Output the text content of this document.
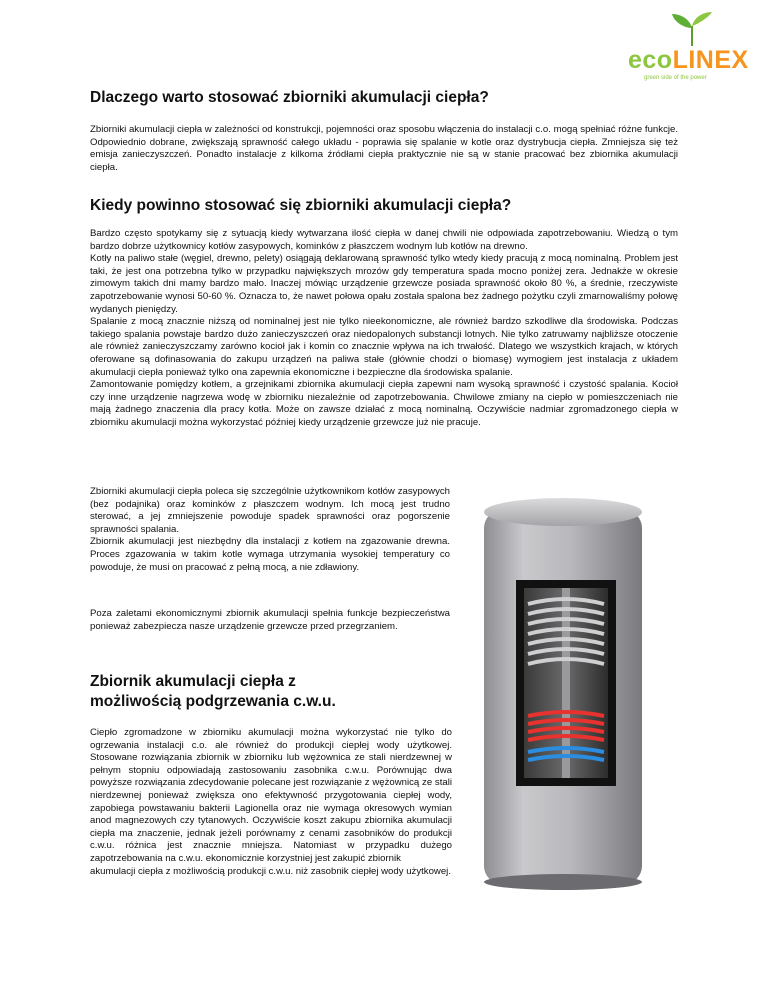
ecoLINEX
green side of the power
Dlaczego warto stosować zbiorniki akumulacji ciepła?

Zbiorniki akumulacji ciepła w zależności od konstrukcji, pojemności oraz sposobu włączenia do instalacji c.o. mogą spełniać różne funkcje. Odpowiednio dobrane, zwiększają sprawność całego układu - poprawia się spalanie w kotle oraz dystrybucja ciepła. Zmniejsza się też emisja zanieczyszczeń. Ponadto instalacje z kilkoma źródłami ciepła praktycznie nie są w stanie pracować bez zbiornika akumulacji ciepła.

Kiedy powinno stosować się zbiorniki akumulacji ciepła?
Bardzo często spotykamy się z sytuacją kiedy wytwarzana ilość ciepła w danej chwili nie odpowiada zapotrzebowaniu. Wiedzą o tym bardzo dobrze użytkownicy kotłów zasypowych, kominków z płaszczem wodnym lub kotłów na drewno.
Kotły na paliwo stałe (węgiel, drewno, pelety) osiągają deklarowaną sprawność tylko wtedy kiedy pracują z mocą nominalną. Problem jest taki, że jest ona potrzebna tylko w przypadku największych mrozów gdy temperatura spada mocno poniżej zera. Jednakże w okresie zimowym takich dni mamy bardzo mało. Inaczej mówiąc urządzenie grzewcze posiada sprawność około 80 %, a średnie, rzeczywiste zapotrzebowanie wynosi 50-60 %. Oznacza to, że nawet połowa opału została spalona bez żadnego pożytku czyli zmarnowaliśmy połowę wydanych pieniędzy.
Spalanie z mocą znacznie niższą od nominalnej jest nie tylko nieekonomiczne, ale również bardzo szkodliwe dla środowiska. Podczas takiego spalania powstaje bardzo dużo zanieczyszczeń oraz niedopalonych substancji lotnych. Nie tylko zatruwamy najbliższe otoczenie ale również zanieczyszczamy zarówno kocioł jak i komin co znacznie wpływa na ich trwałość. Dlatego we wszystkich krajach, w których oferowane są dofinasowania do zakupu urządzeń na paliwa stałe (głównie chodzi o biomasę) wymogiem jest instalacja z układem akumulacji ciepła ponieważ tylko ona zapewnia ekonomiczne i bezpieczne dla środowiska spalanie.
Zamontowanie pomiędzy kotłem, a grzejnikami zbiornika akumulacji ciepła zapewni nam wysoką sprawność i czystość spalania. Kocioł czy inne urządzenie nagrzewa wodę w zbiorniku niezależnie od zapotrzebowania. Chwilowe zmiany na ciepło w pomieszczeniach nie mają żadnego znaczenia dla pracy kotła. Może on zawsze działać z mocą nominalną. Oczywiście nadmiar zgromadzonego ciepła w zbiorniku akumulacji można wykorzystać później kiedy urządzenie grzewcze już nie pracuje.
Zbiorniki akumulacji ciepła poleca się szczególnie użytkownikom kotłów zasypowych (bez podajnika) oraz kominków z płaszczem wodnym. Ich mocą jest trudno sterować, a jej zmniejszenie powoduje spadek sprawności oraz pogorszenie sprawności spalania.
Zbiornik akumulacji jest niezbędny dla instalacji z kotłem na zgazowanie drewna. Proces zgazowania w takim kotle wymaga utrzymania wysokiej temperatury co powoduje, że musi on pracować z pełną mocą, a nie zdławiony.

Poza zaletami ekonomicznymi zbiornik akumulacji spełnia funkcje bezpieczeństwa ponieważ zabezpiecza nasze urządzenie grzewcze przed przegrzaniem.

Zbiornik akumulacji ciepła z możliwością podgrzewania c.w.u.
Ciepło zgromadzone w zbiorniku akumulacji można wykorzystać nie tylko do ogrzewania instalacji c.o. ale również do produkcji ciepłej wody użytkowej. Stosowane rozwiązania zbiornik w zbiorniku lub wężownica ze stali nierdzewnej w pełnym stopniu odpowiadają zastosowaniu zasobnika c.w.u. Porównując dwa powyższe rozwiązania zdecydowanie polecane jest rozwiązanie z wężownicą ze stali nierdzewnej ponieważ zwiększa ono efektywność przygotowania ciepłej wody, zapobiega powstawaniu bakterii Lagionella oraz nie wymaga okresowych wymian anod magnezowych czy tytanowych. Oczywiście koszt zakupu zbiornika akumulacji ciepła ma znaczenie, jednak jeżeli porównamy z cenami zasobników do produkcji c.w.u. różnica jest znacznie mniejsza. Natomiast w przypadku dużego zapotrzebowania na c.w.u. ekonomicznie korzystniej jest zakupić zbiornik
akumulacji ciepła z możliwością produkcji c.w.u. niż zasobnik ciepłej wody użytkowej.
